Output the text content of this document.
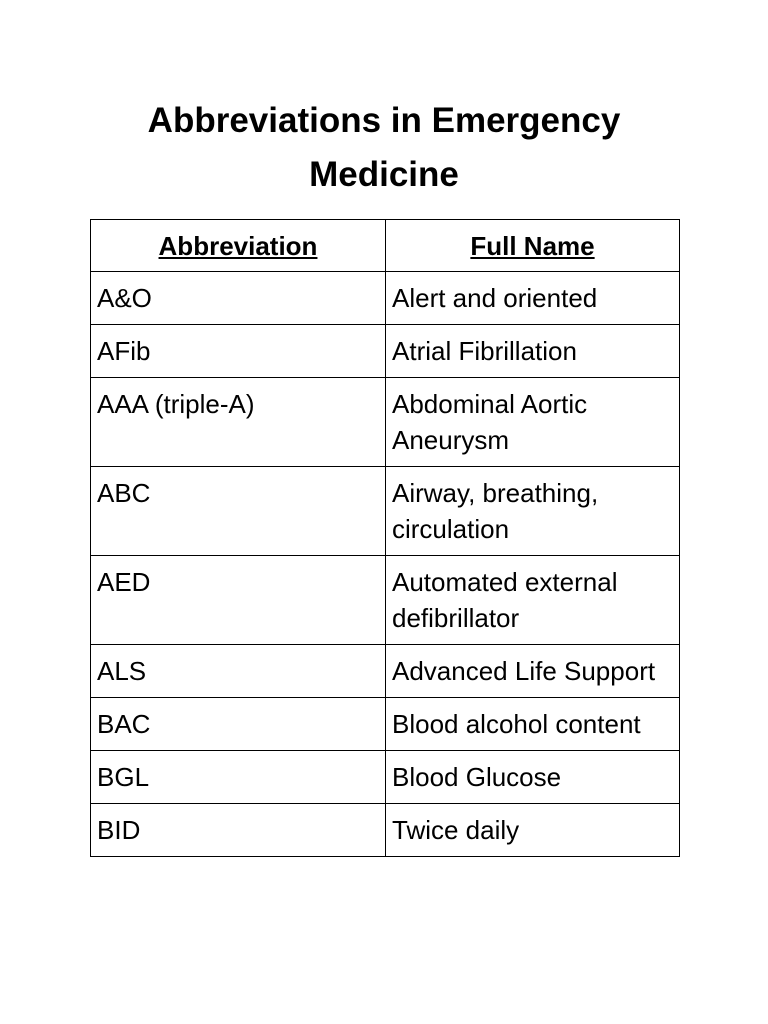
Abbreviations in Emergency Medicine
Abbreviation	Full Name
A&O	Alert and oriented
AFib	Atrial Fibrillation
AAA (triple-A)	Abdominal Aortic Aneurysm
ABC	Airway, breathing, circulation
AED	Automated external defibrillator
ALS	Advanced Life Support
BAC	Blood alcohol content
BGL	Blood Glucose
BID	Twice daily
